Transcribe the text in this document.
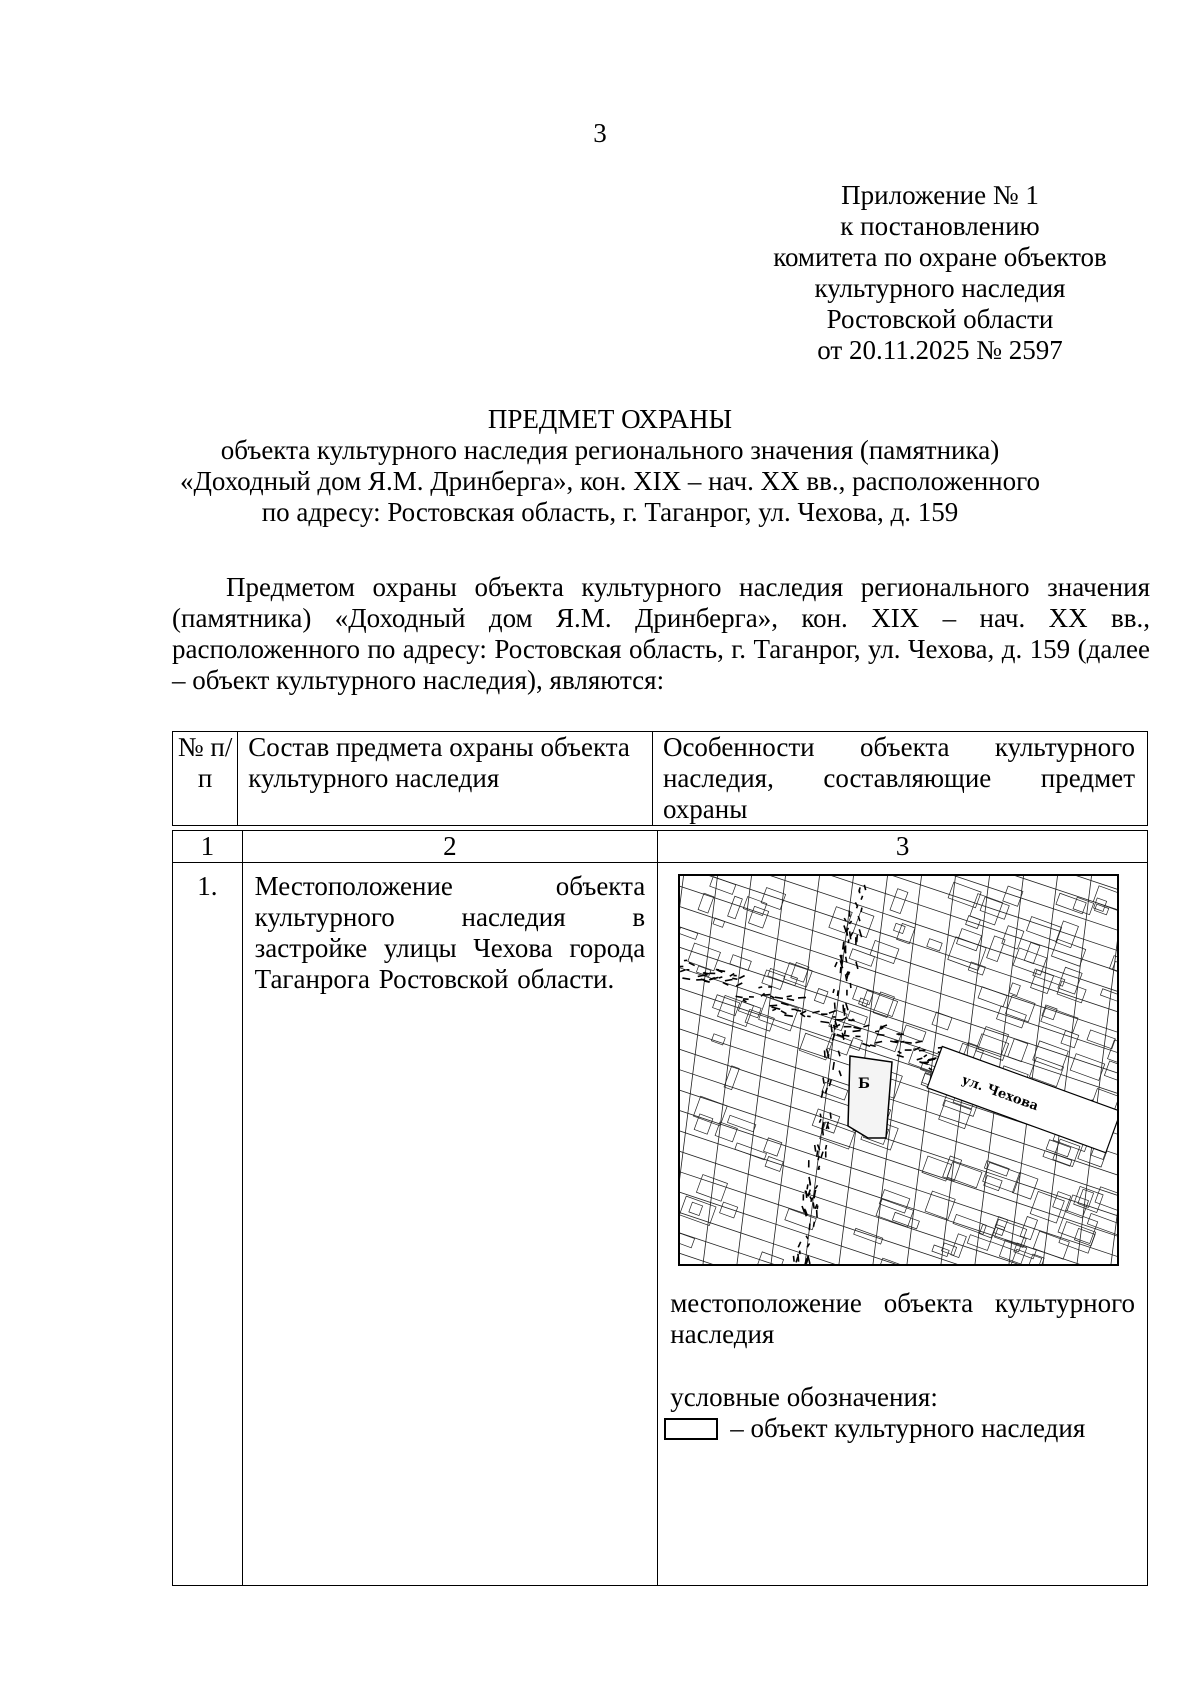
3
Приложение № 1
к постановлению
комитета по охране объектов
культурного наследия
Ростовской области
от 20.11.2025 № 2597
ПРЕДМЕТ ОХРАНЫ
объекта культурного наследия регионального значения (памятника)
«Доходный дом Я.М. Дринберга», кон. XIX – нач. XX вв., расположенного
по адресу: Ростовская область, г. Таганрог, ул. Чехова, д. 159

Предметом охраны объекта культурного наследия регионального значения (памятника) «Доходный дом Я.М. Дринберга», кон. XIX – нач. XX вв., расположенного по адресу: Ростовская область, г. Таганрог, ул. Чехова, д. 159 (далее – объект культурного наследия), являются:

№ п/п	Состав предмета охраны объекта культурного наследия	Особенности объекта культурного наследия, составляющие предмет охраны
1	2	3

1.	Местоположение объекта культурного наследия в застройке улицы Чехова города Таганрога Ростовской области.	ул. Чехова
Б
местоположение объекта культурного наследия
условные обозначения:
– объект культурного наследия
